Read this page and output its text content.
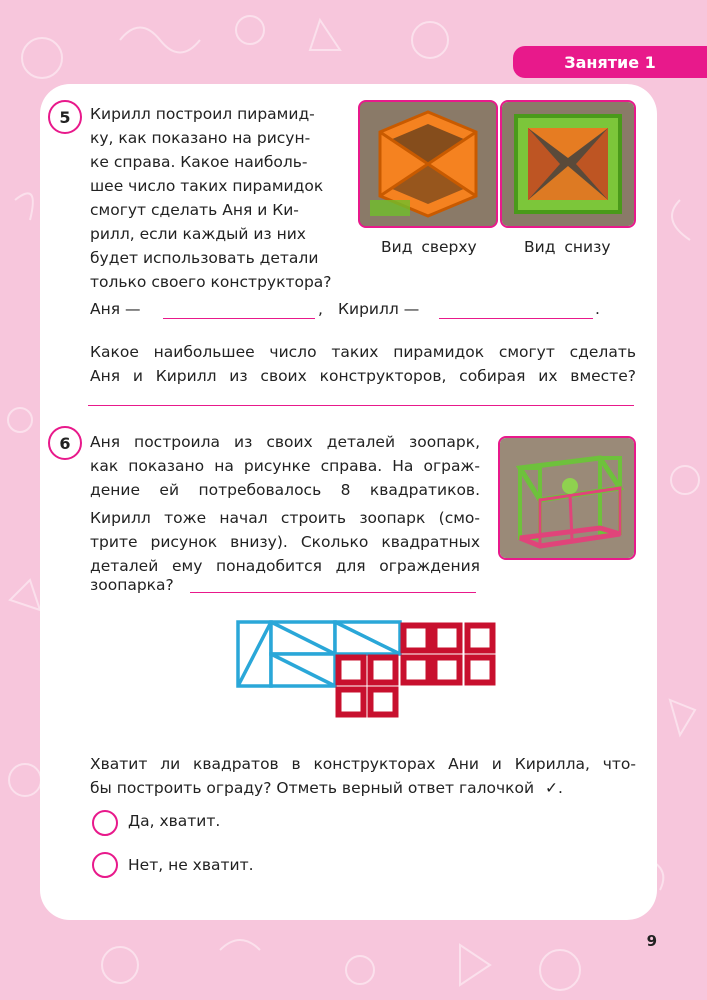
Занятие 1
5	Кирилл построил пирамид-

ку, как показано на рисун-

ке справа. Какое наиболь-

шее число таких пирамидок

смогут сделать Аня и Ки-

рилл, если каждый из них

будет использовать детали

только своего конструктора?

Вид сверху	Вид снизу
Аня —	, Кирилл —	.

Какое наибольшее число таких пирамидок смогут сделать

Аня и Кирилл из своих конструкторов, собирая их вместе?

6	Аня построила из своих деталей зоопарк,

как показано на рисунке справа. На ограж-

дение ей потребовалось 8 квадратиков.

Кирилл тоже начал строить зоопарк (смо-

трите рисунок внизу). Сколько квадратных

деталей ему понадобится для ограждения

зоопарка?

Хватит ли квадратов в конструкторах Ани и Кирилла, что-

бы построить ограду? Отметь верный ответ галочкой ✓.
Да, хватит.
Нет, не хватит.
9
